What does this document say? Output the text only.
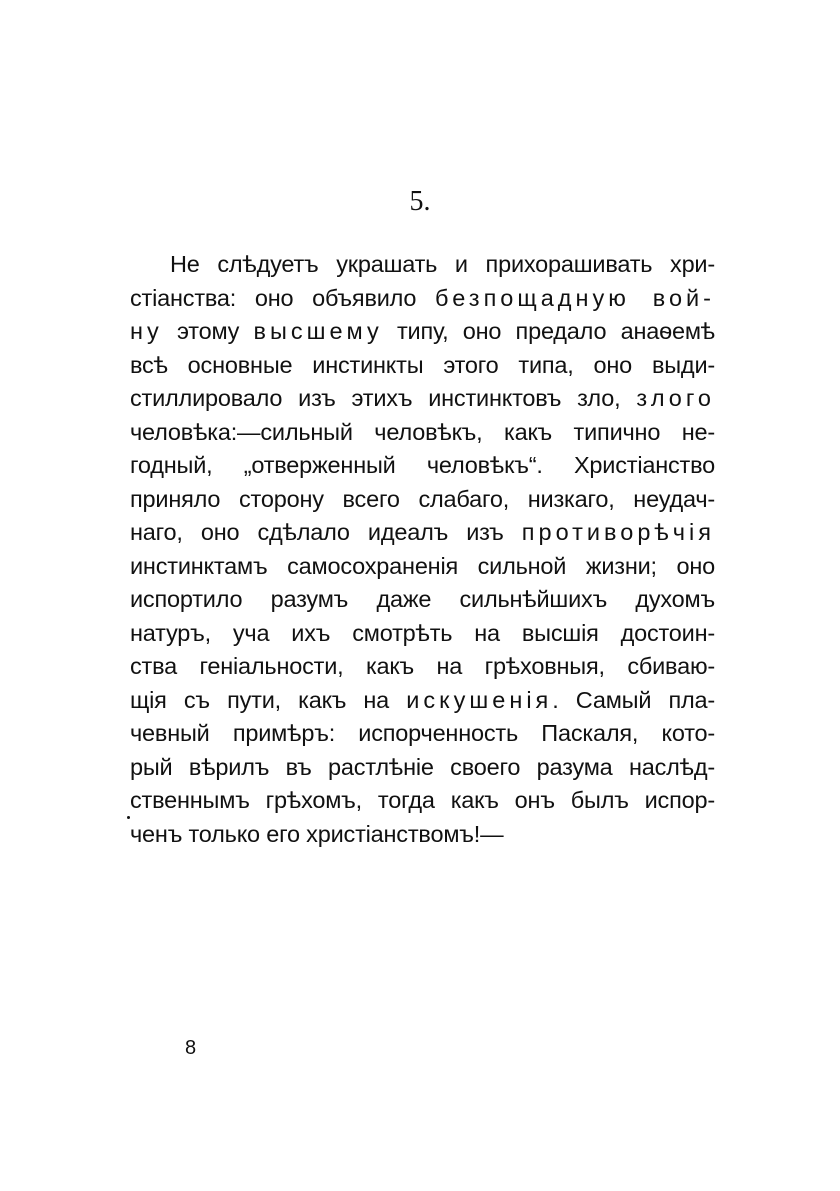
5.
Не слѣдуетъ украшать и прихорашивать хри-
стіанства: оно объявило безпощадную вой-
ну этому высшему типу, оно предало анаѳемѣ
всѣ основные инстинкты этого типа, оно выди-
стиллировало изъ этихъ инстинктовъ зло, злого
человѣка:—сильный человѣкъ, какъ типично не-
годный, „отверженный человѣкъ“. Христіанство
приняло сторону всего слабаго, низкаго, неудач-
наго, оно сдѣлало идеалъ изъ противорѣчія
инстинктамъ самосохраненія сильной жизни; оно
испортило разумъ даже сильнѣйшихъ духомъ
натуръ, уча ихъ смотрѣть на высшія достоин-
ства геніальности, какъ на грѣховныя, сбиваю-
щія съ пути, какъ на искушенія. Самый пла-
чевный примѣръ: испорченность Паскаля, кото-
рый вѣрилъ въ растлѣніе своего разума наслѣд-
ственнымъ грѣхомъ, тогда какъ онъ былъ испор-
ченъ только его христіанствомъ!—
8
